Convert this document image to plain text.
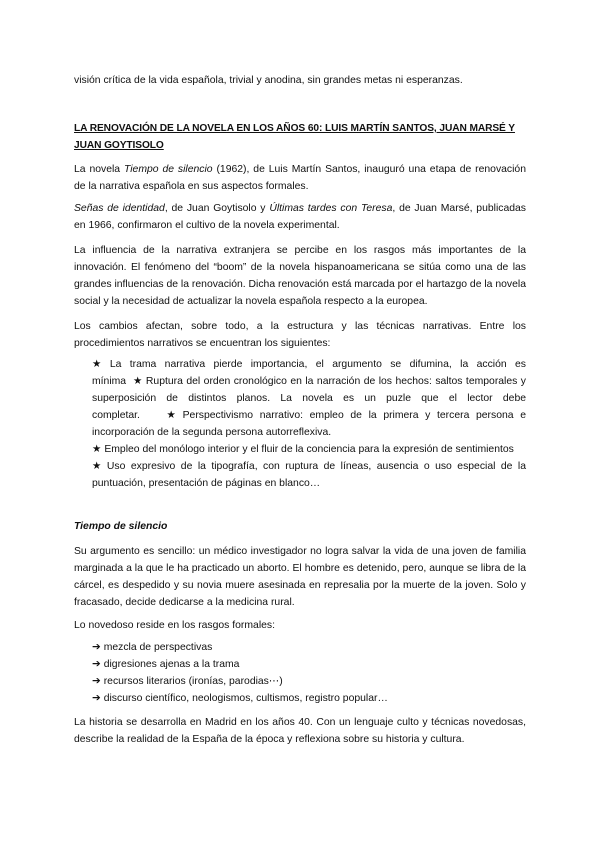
visión crítica de la vida española, trivial y anodina, sin grandes metas ni esperanzas.

LA RENOVACIÓN DE LA NOVELA EN LOS AÑOS 60: LUIS MARTÍN SANTOS, JUAN MARSÉ Y JUAN GOYTISOLO

La novela Tiempo de silencio (1962), de Luis Martín Santos, inauguró una etapa de renovación de la narrativa española en sus aspectos formales.

Señas de identidad, de Juan Goytisolo y Últimas tardes con Teresa, de Juan Marsé, publicadas en 1966, confirmaron el cultivo de la novela experimental.

La influencia de la narrativa extranjera se percibe en los rasgos más importantes de la innovación. El fenómeno del “boom” de la novela hispanoamericana se sitúa como una de las grandes influencias de la renovación. Dicha renovación está marcada por el hartazgo de la novela social y la necesidad de actualizar la novela española respecto a la europea.

Los cambios afectan, sobre todo, a la estructura y las técnicas narrativas. Entre los procedimientos narrativos se encuentran los siguientes:

★ La trama narrativa pierde importancia, el argumento se difumina, la acción es mínima ★ Ruptura del orden cronológico en la narración de los hechos: saltos temporales y superposición de distintos planos. La novela es un puzle que el lector debe completar.	★ Perspectivismo narrativo: empleo de la primera y tercera persona e incorporación de la segunda persona autorreflexiva.

★ Empleo del monólogo interior y el fluir de la conciencia para la expresión de sentimientos

★ Uso expresivo de la tipografía, con ruptura de líneas, ausencia o uso especial de la puntuación, presentación de páginas en blanco…

Tiempo de silencio

Su argumento es sencillo: un médico investigador no logra salvar la vida de una joven de familia marginada a la que le ha practicado un aborto. El hombre es detenido, pero, aunque se libra de la cárcel, es despedido y su novia muere asesinada en represalia por la muerte de la joven. Solo y fracasado, decide dedicarse a la medicina rural.

Lo novedoso reside en los rasgos formales:

➔ mezcla de perspectivas
➔ digresiones ajenas a la trama
➔ recursos literarios (ironías, parodias⋯)
➔ discurso científico, neologismos, cultismos, registro popular…

La historia se desarrolla en Madrid en los años 40. Con un lenguaje culto y técnicas novedosas, describe la realidad de la España de la época y reflexiona sobre su historia y cultura.
